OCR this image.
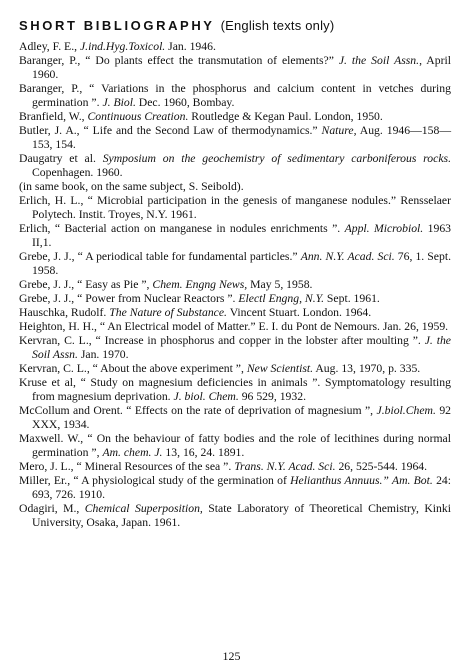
SHORT BIBLIOGRAPHY (English texts only)

Adley, F. E., J.ind.Hyg.Toxicol. Jan. 1946.

Baranger, P., “ Do plants effect the transmutation of elements?” J. the Soil Assn., April 1960.

Baranger, P., “ Variations in the phosphorus and calcium content in vetches during germination ”. J. Biol. Dec. 1960, Bombay.

Branfield, W., Continuous Creation. Routledge & Kegan Paul. London, 1950.

Butler, J. A., “ Life and the Second Law of thermodynamics.” Nature, Aug. 1946—158—153, 154.

Daugatry et al. Symposium on the geochemistry of sedimentary carboniferous rocks. Copenhagen. 1960.

(in same book, on the same subject, S. Seibold).

Erlich, H. L., “ Microbial participation in the genesis of manganese nodules.” Rensselaer Polytech. Instit. Troyes, N.Y. 1961.

Erlich, “ Bacterial action on manganese in nodules enrichments ”. Appl. Microbiol. 1963 II,1.

Grebe, J. J., “ A periodical table for fundamental particles.” Ann. N.Y. Acad. Sci. 76, 1. Sept. 1958.

Grebe, J. J., “ Easy as Pie ”, Chem. Engng News, May 5, 1958.

Grebe, J. J., “ Power from Nuclear Reactors ”. Electl Engng, N.Y. Sept. 1961.

Hauschka, Rudolf. The Nature of Substance. Vincent Stuart. London. 1964.

Heighton, H. H., “ An Electrical model of Matter.” E. I. du Pont de Nemours. Jan. 26, 1959.

Kervran, C. L., “ Increase in phosphorus and copper in the lobster after moulting ”. J. the Soil Assn. Jan. 1970.

Kervran, C. L., “ About the above experiment ”, New Scientist. Aug. 13, 1970, p. 335.

Kruse et al, “ Study on magnesium deficiencies in animals ”. Symptomatology resulting from magnesium deprivation. J. biol. Chem. 96 529, 1932.

McCollum and Orent. “ Effects on the rate of deprivation of magnesium ”, J.biol.Chem. 92 XXX, 1934.

Maxwell. W., “ On the behaviour of fatty bodies and the role of lecithines during normal germination ”, Am. chem. J. 13, 16, 24. 1891.

Mero, J. L., “ Mineral Resources of the sea ”. Trans. N.Y. Acad. Sci. 26, 525-544. 1964.

Miller, Er., “ A physiological study of the germination of Helianthus Annuus.” Am. Bot. 24: 693, 726. 1910.

Odagiri, M., Chemical Superposition, State Laboratory of Theoretical Chemistry, Kinki University, Osaka, Japan. 1961.

125
